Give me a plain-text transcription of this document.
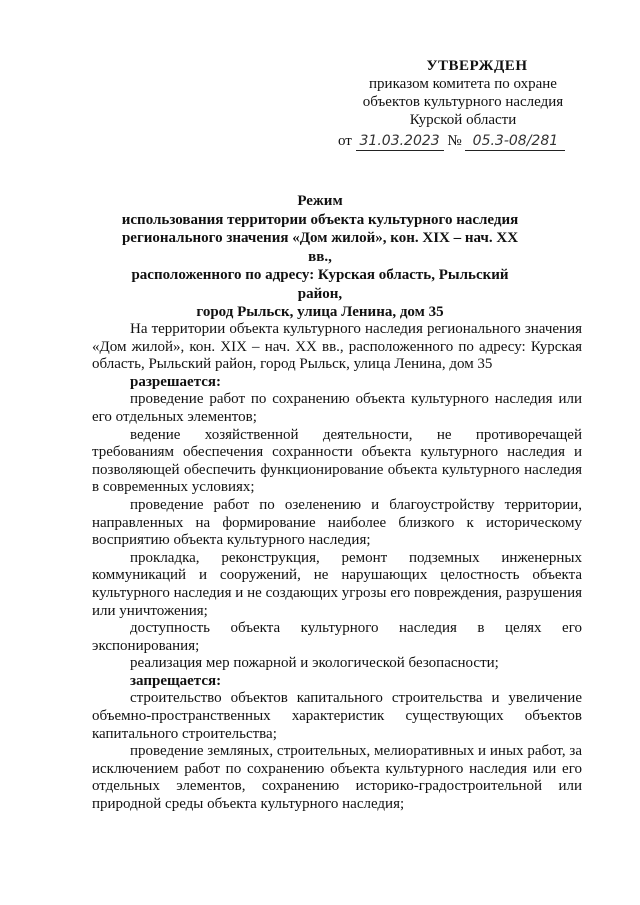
УТВЕРЖДЕН
приказом комитета по охране
объектов культурного наследия
Курской области
от 31.03.2023 № 05.3-08/281
Режим
использования территории объекта культурного наследия
регионального значения «Дом жилой», кон. XIX – нач. XX вв.,
расположенного по адресу: Курская область, Рыльский район,
город Рыльск, улица Ленина, дом 35

На территории объекта культурного наследия регионального значения «Дом жилой», кон. XIX – нач. XX вв., расположенного по адресу: Курская область, Рыльский район, город Рыльск, улица Ленина, дом 35

разрешается:

проведение работ по сохранению объекта культурного наследия или его отдельных элементов;

ведение хозяйственной деятельности, не противоречащей требованиям обеспечения сохранности объекта культурного наследия и позволяющей обеспечить функционирование объекта культурного наследия в современных условиях;

проведение работ по озеленению и благоустройству территории, направленных на формирование наиболее близкого к историческому восприятию объекта культурного наследия;

прокладка, реконструкция, ремонт подземных инженерных коммуникаций и сооружений, не нарушающих целостность объекта культурного наследия и не создающих угрозы его повреждения, разрушения или уничтожения;

доступность объекта культурного наследия в целях его экспонирования;

реализация мер пожарной и экологической безопасности;

запрещается:

строительство объектов капитального строительства и увеличение объемно-пространственных характеристик существующих объектов капитального строительства;

проведение земляных, строительных, мелиоративных и иных работ, за исключением работ по сохранению объекта культурного наследия или его отдельных элементов, сохранению историко-градостроительной или природной среды объекта культурного наследия;
